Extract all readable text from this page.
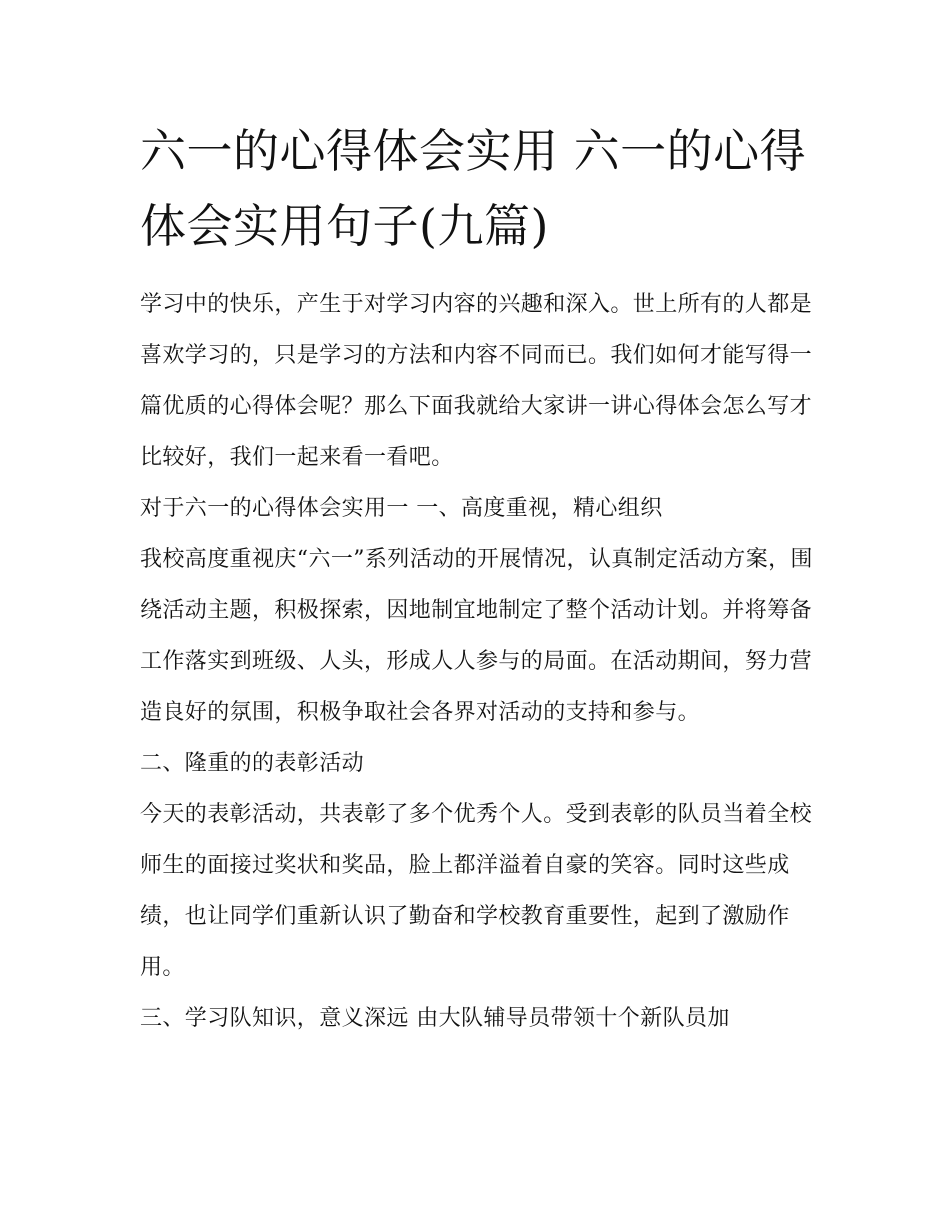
六一的心得体会实用 六一的心得体会实用句子(九篇)

学习中的快乐，产生于对学习内容的兴趣和深入。世上所有的人都是喜欢学习的，只是学习的方法和内容不同而已。我们如何才能写得一篇优质的心得体会呢？那么下面我就给大家讲一讲心得体会怎么写才比较好，我们一起来看一看吧。

对于六一的心得体会实用一 一、高度重视，精心组织

我校高度重视庆“六一”系列活动的开展情况，认真制定活动方案，围绕活动主题，积极探索，因地制宜地制定了整个活动计划。并将筹备工作落实到班级、人头，形成人人参与的局面。在活动期间，努力营造良好的氛围，积极争取社会各界对活动的支持和参与。

二、隆重的的表彰活动

今天的表彰活动，共表彰了多个优秀个人。受到表彰的队员当着全校师生的面接过奖状和奖品，脸上都洋溢着自豪的笑容。同时这些成绩，也让同学们重新认识了勤奋和学校教育重要性，起到了激励作用。

三、学习队知识，意义深远 由大队辅导员带领十个新队员加
